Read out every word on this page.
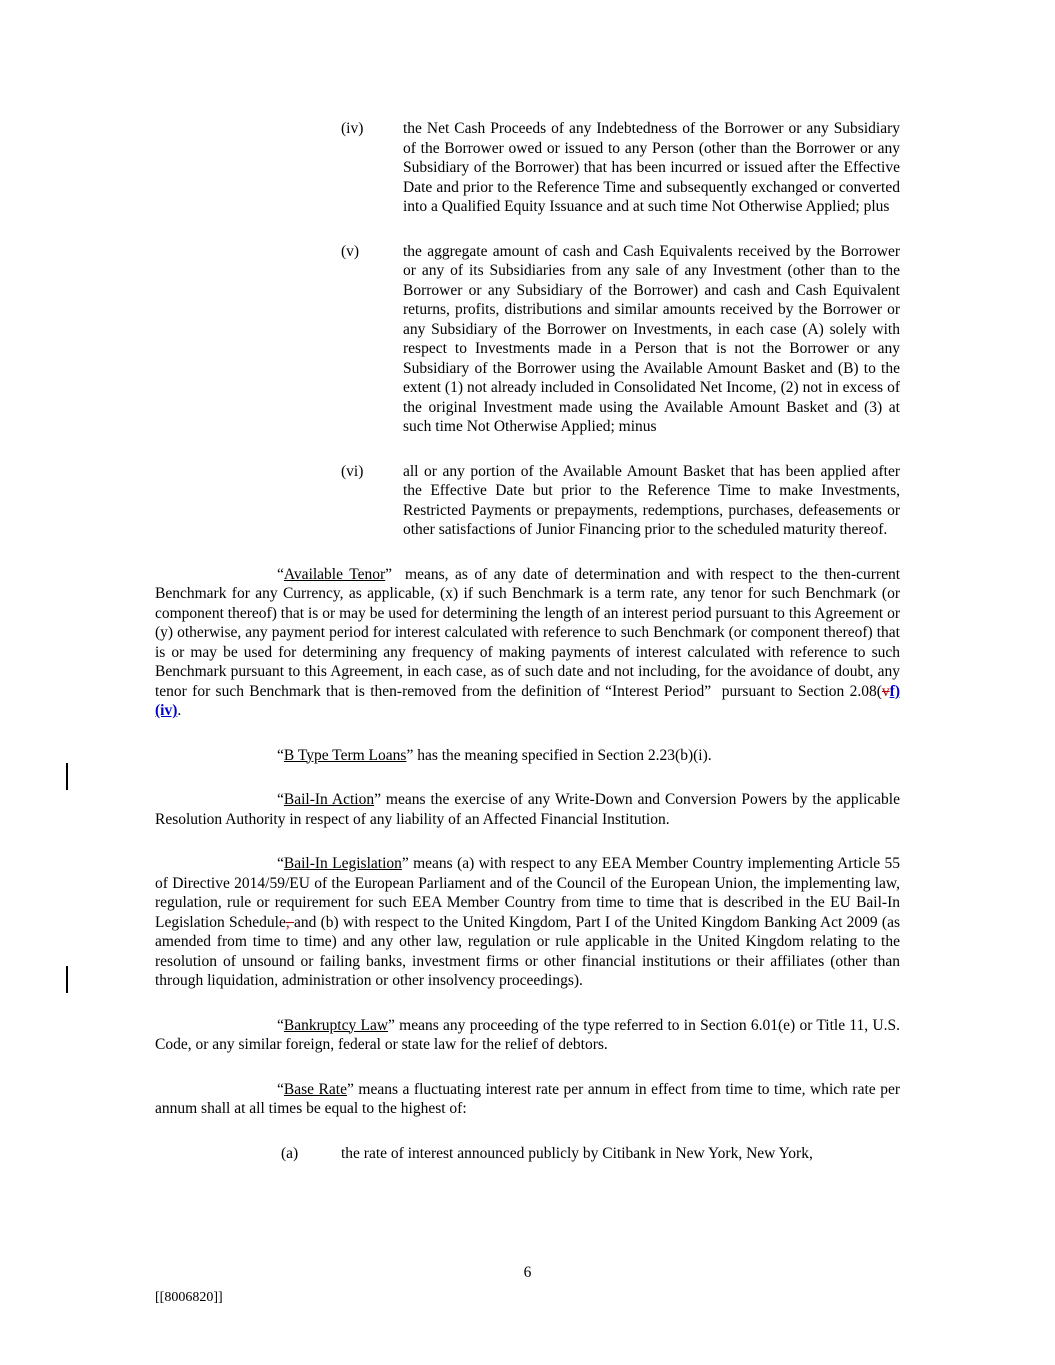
(iv)	the Net Cash Proceeds of any Indebtedness of the Borrower or any Subsidiary of the Borrower owed or issued to any Person (other than the Borrower or any Subsidiary of the Borrower) that has been incurred or issued after the Effective Date and prior to the Reference Time and subsequently exchanged or converted into a Qualified Equity Issuance and at such time Not Otherwise Applied; plus
(v)	the aggregate amount of cash and Cash Equivalents received by the Borrower or any of its Subsidiaries from any sale of any Investment (other than to the Borrower or any Subsidiary of the Borrower) and cash and Cash Equivalent returns, profits, distributions and similar amounts received by the Borrower or any Subsidiary of the Borrower on Investments, in each case (A) solely with respect to Investments made in a Person that is not the Borrower or any Subsidiary of the Borrower using the Available Amount Basket and (B) to the extent (1) not already included in Consolidated Net Income, (2) not in excess of the original Investment made using the Available Amount Basket and (3) at such time Not Otherwise Applied; minus
(vi)	all or any portion of the Available Amount Basket that has been applied after the Effective Date but prior to the Reference Time to make Investments, Restricted Payments or prepayments, redemptions, purchases, defeasements or other satisfactions of Junior Financing prior to the scheduled maturity thereof.
“Available Tenor”  means, as of any date of determination and with respect to the then-current Benchmark for any Currency, as applicable, (x) if such Benchmark is a term rate, any tenor for such Benchmark (or component thereof) that is or may be used for determining the length of an interest period pursuant to this Agreement or (y) otherwise, any payment period for interest calculated with reference to such Benchmark (or component thereof) that is or may be used for determining any frequency of making payments of interest calculated with reference to such Benchmark pursuant to this Agreement, in each case, as of such date and not including, for the avoidance of doubt, any tenor for such Benchmark that is then-removed from the definition of “Interest Period”  pursuant to Section 2.08(vf)(iv).
“B Type Term Loans” has the meaning specified in Section 2.23(b)(i).
“Bail-In Action” means the exercise of any Write-Down and Conversion Powers by the applicable Resolution Authority in respect of any liability of an Affected Financial Institution.
“Bail-In Legislation” means (a) with respect to any EEA Member Country implementing Article 55 of Directive 2014/59/EU of the European Parliament and of the Council of the European Union, the implementing law, regulation, rule or requirement for such EEA Member Country from time to time that is described in the EU Bail-In Legislation Schedule, and (b) with respect to the United Kingdom, Part I of the United Kingdom Banking Act 2009 (as amended from time to time) and any other law, regulation or rule applicable in the United Kingdom relating to the resolution of unsound or failing banks, investment firms or other financial institutions or their affiliates (other than through liquidation, administration or other insolvency proceedings).
“Bankruptcy Law” means any proceeding of the type referred to in Section 6.01(e) or Title 11, U.S. Code, or any similar foreign, federal or state law for the relief of debtors.
“Base Rate” means a fluctuating interest rate per annum in effect from time to time, which rate per annum shall at all times be equal to the highest of:
(a)	the rate of interest announced publicly by Citibank in New York, New York,
6
[[8006820]]
